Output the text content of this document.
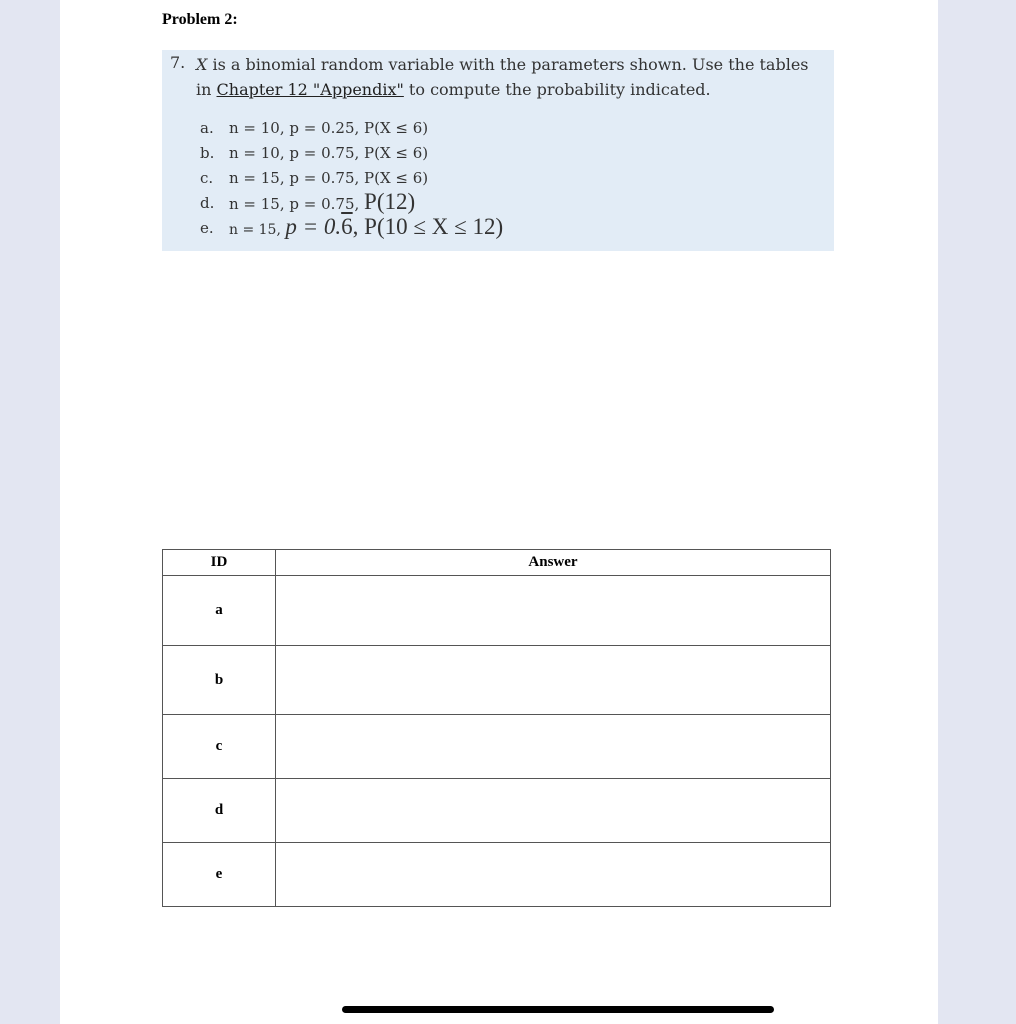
Problem 2:
7. X is a binomial random variable with the parameters shown. Use the tables in Chapter 12 "Appendix" to compute the probability indicated.
a.	n = 10, p = 0.25, P(X ≤ 6)
b. n = 10, p = 0.75, P(X ≤ 6)
c.	n = 15, p = 0.75, P(X ≤ 6)
d. n = 15, p = 0.75, P(12)
e.	n = 15, p = 0.6, P(10 ≤ X ≤ 12)
ID	Answer
a	
b	
c	
d	
e	
